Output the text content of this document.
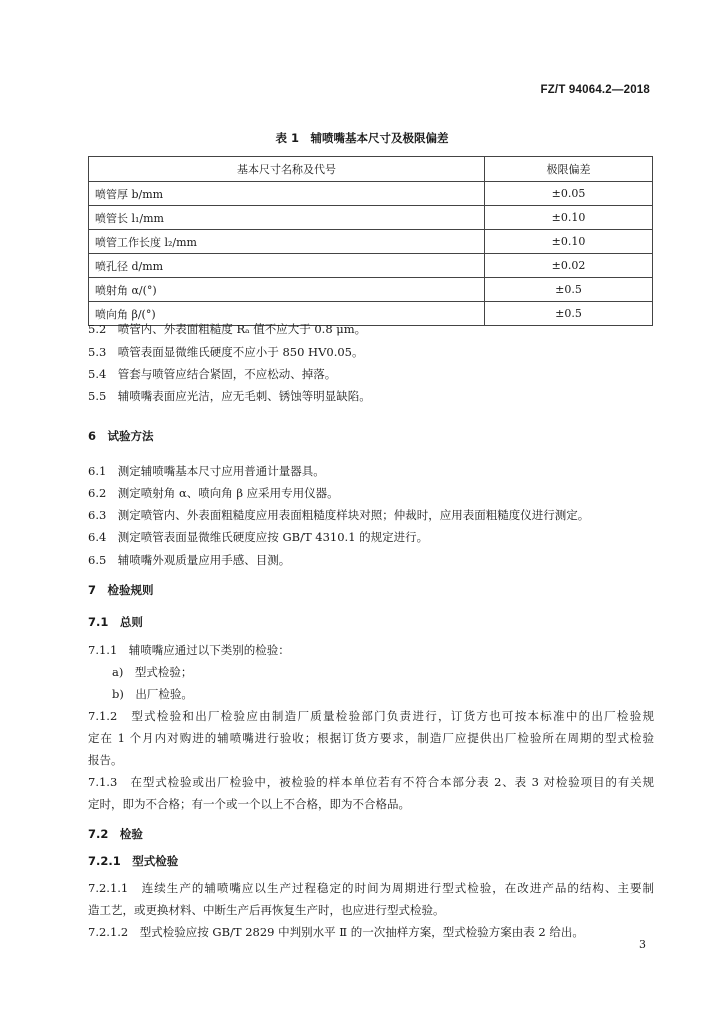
FZ/T 94064.2—2018
表 1　辅喷嘴基本尺寸及极限偏差
基本尺寸名称及代号	极限偏差
喷管厚 b/mm	±0.05
喷管长 l₁/mm	±0.10
喷管工作长度 l₂/mm	±0.10
喷孔径 d/mm	±0.02
喷射角 α/(°)	±0.5
喷向角 β/(°)	±0.5
5.2　喷管内、外表面粗糙度 Rₐ 值不应大于 0.8 μm。
5.3　喷管表面显微维氏硬度不应小于 850 HV0.05。
5.4　管套与喷管应结合紧固，不应松动、掉落。
5.5　辅喷嘴表面应光洁，应无毛刺、锈蚀等明显缺陷。
6　试验方法
6.1　测定辅喷嘴基本尺寸应用普通计量器具。
6.2　测定喷射角 α、喷向角 β 应采用专用仪器。
6.3　测定喷管内、外表面粗糙度应用表面粗糙度样块对照；仲裁时，应用表面粗糙度仪进行测定。
6.4　测定喷管表面显微维氏硬度应按 GB/T 4310.1 的规定进行。
6.5　辅喷嘴外观质量应用手感、目测。
7　检验规则
7.1　总则
7.1.1　辅喷嘴应通过以下类别的检验：
a)　型式检验；
b)　出厂检验。
7.1.2　型式检验和出厂检验应由制造厂质量检验部门负责进行，订货方也可按本标准中的出厂检验规
定在 1 个月内对购进的辅喷嘴进行验收；根据订货方要求，制造厂应提供出厂检验所在周期的型式检验
报告。
7.1.3　在型式检验或出厂检验中，被检验的样本单位若有不符合本部分表 2、表 3 对检验项目的有关规
定时，即为不合格；有一个或一个以上不合格，即为不合格品。
7.2　检验
7.2.1　型式检验
7.2.1.1　连续生产的辅喷嘴应以生产过程稳定的时间为周期进行型式检验，在改进产品的结构、主要制
造工艺，或更换材料、中断生产后再恢复生产时，也应进行型式检验。
7.2.1.2　型式检验应按 GB/T 2829 中判别水平 Ⅱ 的一次抽样方案，型式检验方案由表 2 给出。
3
